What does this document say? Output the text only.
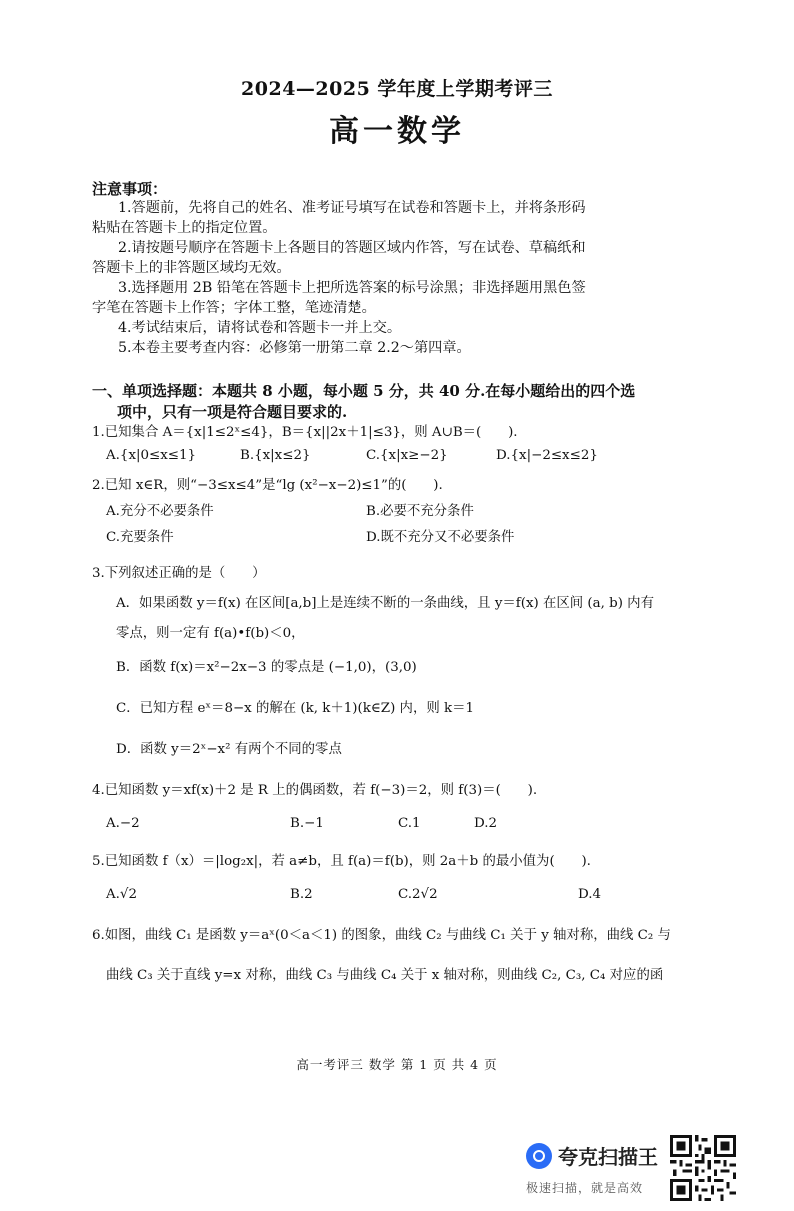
2024—2025 学年度上学期考评三
高一数学
注意事项：
1.答题前，先将自己的姓名、准考证号填写在试卷和答题卡上，并将条形码
粘贴在答题卡上的指定位置。
2.请按题号顺序在答题卡上各题目的答题区域内作答，写在试卷、草稿纸和
答题卡上的非答题区域均无效。
3.选择题用 2B 铅笔在答题卡上把所选答案的标号涂黑；非选择题用黑色签
字笔在答题卡上作答；字体工整，笔迹清楚。
4.考试结束后，请将试卷和答题卡一并上交。
5.本卷主要考查内容：必修第一册第二章 2.2～第四章。
一、单项选择题：本题共 8 小题，每小题 5 分，共 40 分.在每小题给出的四个选
项中，只有一项是符合题目要求的.
1.已知集合 A＝{x|1≤2ˣ≤4}，B＝{x||2x＋1|≤3}，则 A∪B＝(　　).
A.{x|0≤x≤1}	B.{x|x≤2}	C.{x|x≥−2}	D.{x|−2≤x≤2}
2.已知 x∈R，则“−3≤x≤4”是“lg (x²−x−2)≤1”的(　　).
A.充分不必要条件	B.必要不充分条件
C.充要条件	D.既不充分又不必要条件
3.下列叙述正确的是（　　）
A．如果函数 y＝f(x) 在区间[a,b]上是连续不断的一条曲线，且 y＝f(x) 在区间 (a, b) 内有
零点，则一定有 f(a)•f(b)＜0，
B．函数 f(x)＝x²−2x−3 的零点是 (−1,0)，(3,0)
C．已知方程 eˣ＝8−x 的解在 (k, k＋1)(k∈Z) 内，则 k＝1
D．函数 y＝2ˣ−x² 有两个不同的零点
4.已知函数 y＝xf(x)＋2 是 R 上的偶函数，若 f(−3)＝2，则 f(3)＝(　　).
A.−2	B.−1	C.1	D.2
5.已知函数 f（x）＝|log₂x|，若 a≠b，且 f(a)＝f(b)，则 2a＋b 的最小值为(　　).
A.√2	B.2	C.2√2	D.4
6.如图，曲线 C₁ 是函数 y＝aˣ(0＜a＜1) 的图象，曲线 C₂ 与曲线 C₁ 关于 y 轴对称，曲线 C₂ 与
曲线 C₃ 关于直线 y=x 对称，曲线 C₃ 与曲线 C₄ 关于 x 轴对称，则曲线 C₂, C₃, C₄ 对应的函
高一考评三 数学 第 1 页 共 4 页
夸克扫描王
极速扫描，就是高效
